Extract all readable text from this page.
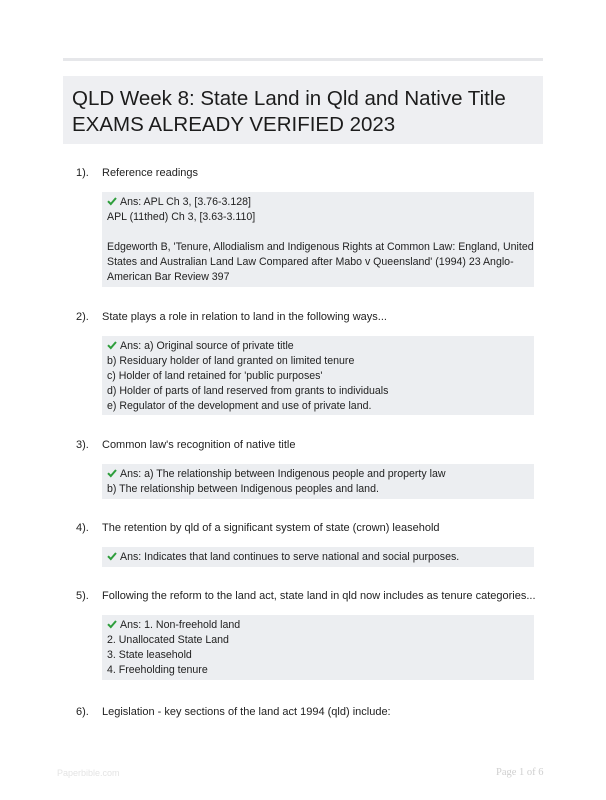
QLD Week 8: State Land in Qld and Native Title
EXAMS ALREADY VERIFIED 2023
1). Reference readings
Ans: APL Ch 3, [3.76-3.128]
APL (11thed) Ch 3, [3.63-3.110]
Edgeworth B, 'Tenure, Allodialism and Indigenous Rights at Common Law: England, United
States and Australian Land Law Compared after Mabo v Queensland' (1994) 23 Anglo-
American Bar Review 397
2). State plays a role in relation to land in the following ways...
Ans: a) Original source of private title
b) Residuary holder of land granted on limited tenure
c) Holder of land retained for 'public purposes'
d) Holder of parts of land reserved from grants to individuals
e) Regulator of the development and use of private land.
3). Common law's recognition of native title
Ans: a) The relationship between Indigenous people and property law
b) The relationship between Indigenous peoples and land.
4). The retention by qld of a significant system of state (crown) leasehold
Ans: Indicates that land continues to serve national and social purposes.
5). Following the reform to the land act, state land in qld now includes as tenure categories...
Ans: 1. Non-freehold land
2. Unallocated State Land
3. State leasehold
4. Freeholding tenure
6). Legislation - key sections of the land act 1994 (qld) include:
Paperbible.com	Page 1 of 6
